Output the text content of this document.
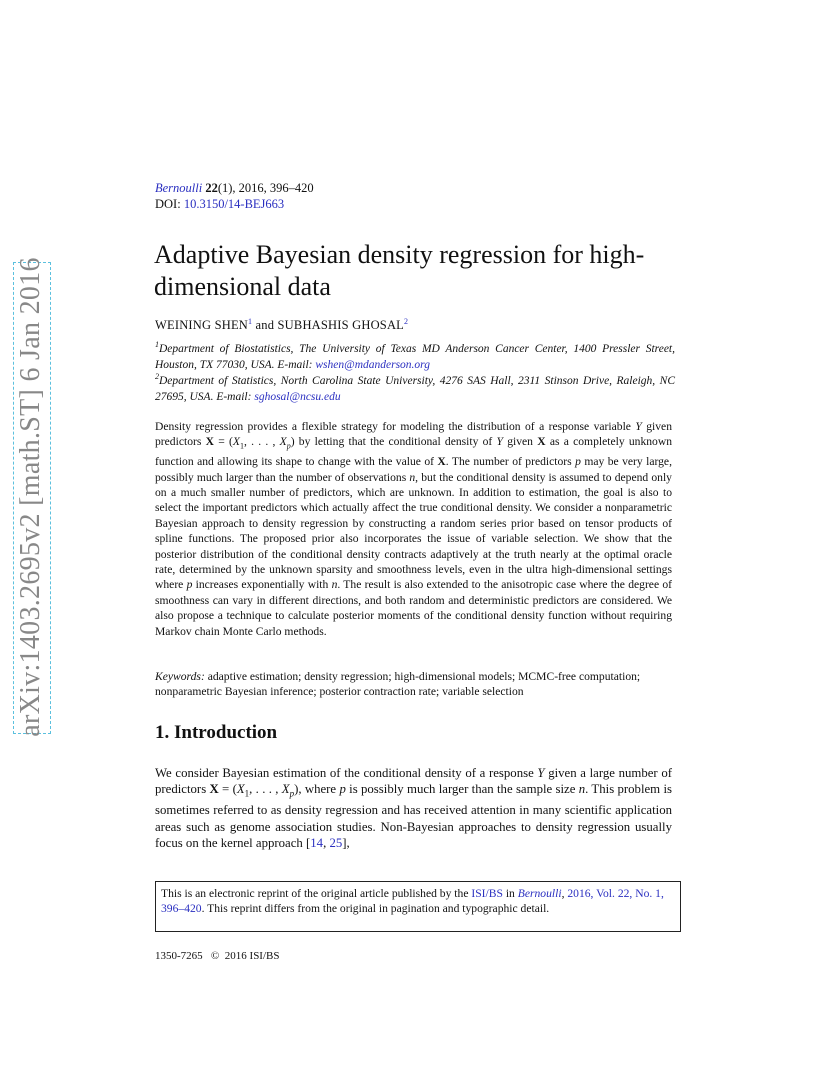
arXiv:1403.2695v2 [math.ST] 6 Jan 2016
Bernoulli 22(1), 2016, 396–420
DOI: 10.3150/14-BEJ663
Adaptive Bayesian density regression for high-dimensional data
WEINING SHEN$^1$ and SUBHASHIS GHOSAL$^2$
$^1$Department of Biostatistics, The University of Texas MD Anderson Cancer Center, 1400 Pressler Street, Houston, TX 77030, USA. E-mail: wshen@mdanderson.org
$^2$Department of Statistics, North Carolina State University, 4276 SAS Hall, 2311 Stinson Drive, Raleigh, NC 27695, USA. E-mail: sghosal@ncsu.edu
Density regression provides a flexible strategy for modeling the distribution of a response variable Y given predictors $X = (X_1$, . . . , $X_p$) by letting that the conditional density of Y given X as a completely unknown function and allowing its shape to change with the value of X. The number of predictors p may be very large, possibly much larger than the number of observations n, but the conditional density is assumed to depend only on a much smaller number of predictors, which are unknown. In addition to estimation, the goal is also to select the important predictors which actually affect the true conditional density. We consider a nonparametric Bayesian approach to density regression by constructing a random series prior based on tensor products of spline functions. The proposed prior also incorporates the issue of variable selection. We show that the posterior distribution of the conditional density contracts adaptively at the truth nearly at the optimal oracle rate, determined by the unknown sparsity and smoothness levels, even in the ultra high-dimensional settings where p increases exponentially with n. The result is also extended to the anisotropic case where the degree of smoothness can vary in different directions, and both random and deterministic predictors are considered. We also propose a technique to calculate posterior moments of the conditional density function without requiring Markov chain Monte Carlo methods.
Keywords: adaptive estimation; density regression; high-dimensional models; MCMC-free computation; nonparametric Bayesian inference; posterior contraction rate; variable selection
1. Introduction
We consider Bayesian estimation of the conditional density of a response Y given a large number of predictors $X = (X_1$, . . . , $X_p$), where p is possibly much larger than the sample size n. This problem is sometimes referred to as density regression and has received attention in many scientific application areas such as genome association studies. Non-Bayesian approaches to density regression usually focus on the kernel approach [14, 25],
This is an electronic reprint of the original article published by the ISI/BS in Bernoulli, 2016, Vol. 22, No. 1, 396–420. This reprint differs from the original in pagination and typographic detail.
1350-7265 © 2016 ISI/BS
